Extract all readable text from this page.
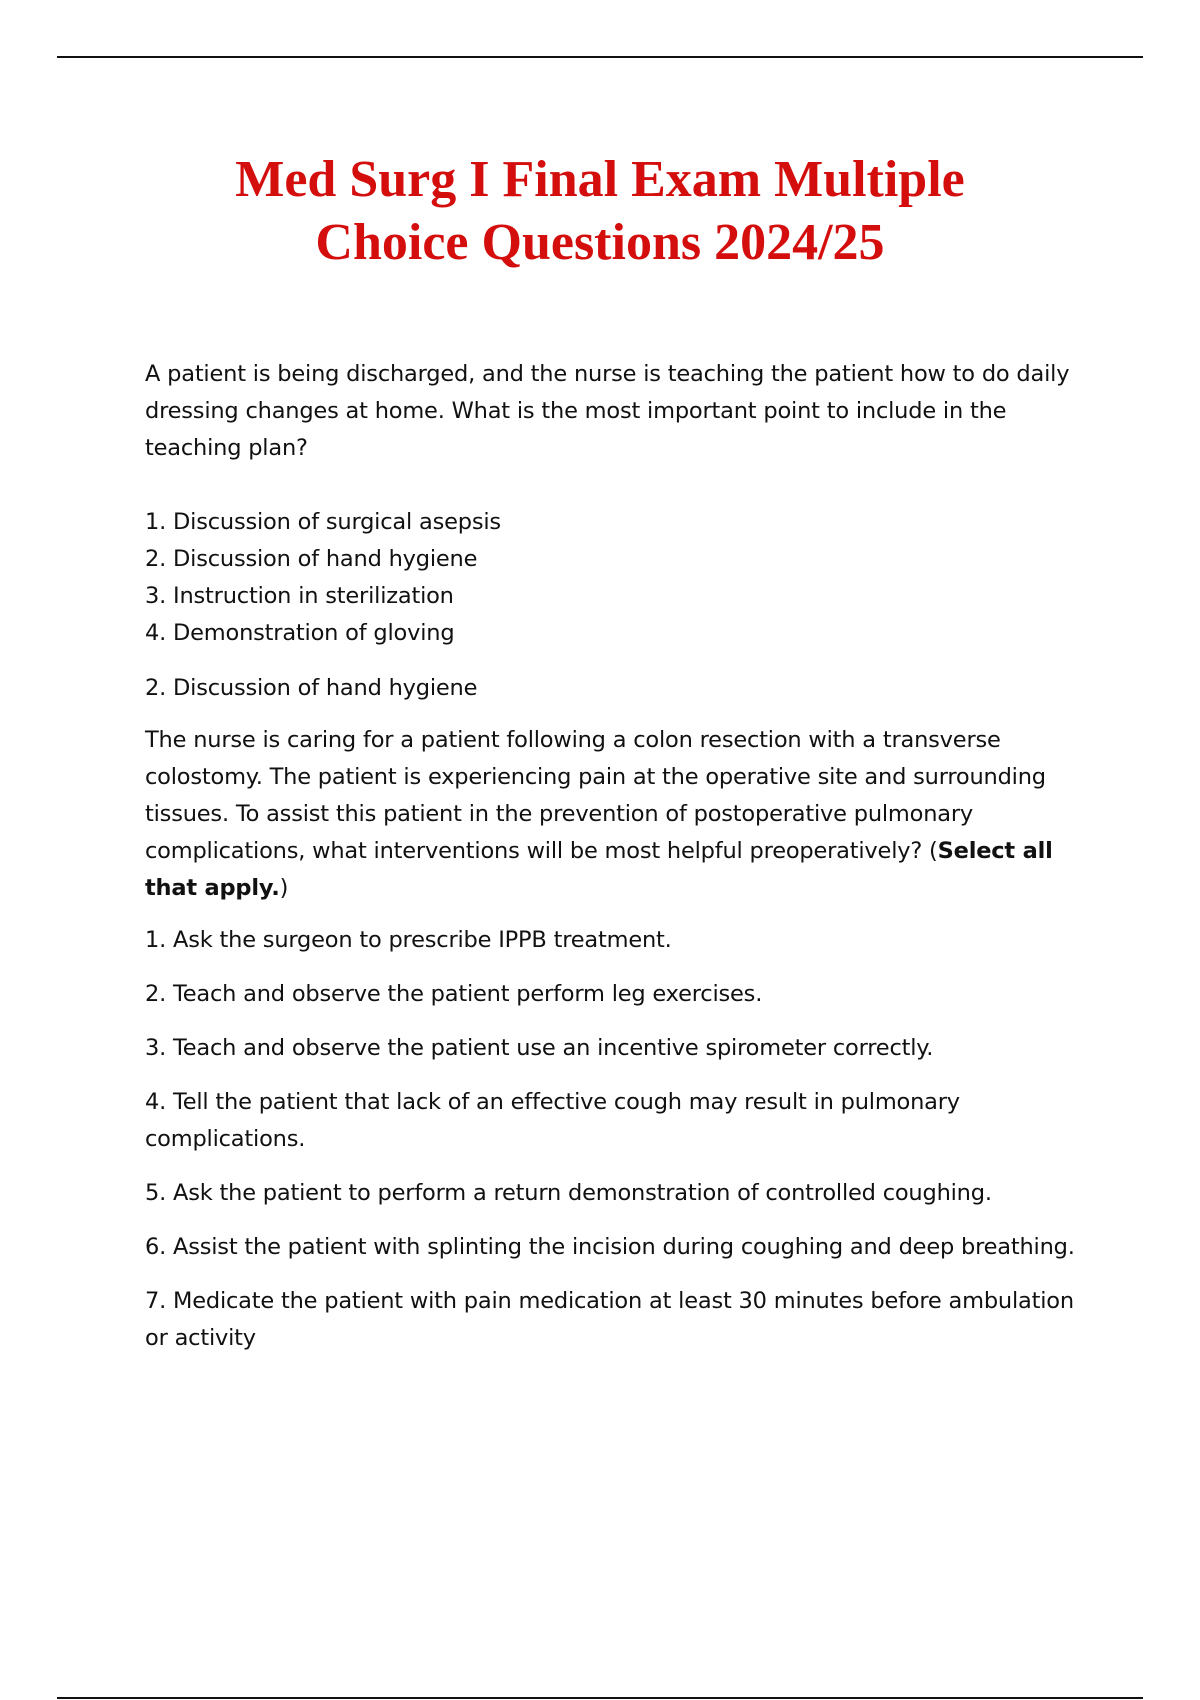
Med Surg I Final Exam Multiple
Choice Questions 2024/25

A patient is being discharged, and the nurse is teaching the patient how to do daily dressing changes at home. What is the most important point to include in the teaching plan?

1. Discussion of surgical asepsis
2. Discussion of hand hygiene
3. Instruction in sterilization
4. Demonstration of gloving

2. Discussion of hand hygiene

The nurse is caring for a patient following a colon resection with a transverse colostomy. The patient is experiencing pain at the operative site and surrounding tissues. To assist this patient in the prevention of postoperative pulmonary complications, what interventions will be most helpful preoperatively? (Select all that apply.)

1. Ask the surgeon to prescribe IPPB treatment.
2. Teach and observe the patient perform leg exercises.
3. Teach and observe the patient use an incentive spirometer correctly.
4. Tell the patient that lack of an effective cough may result in pulmonary complications.
5. Ask the patient to perform a return demonstration of controlled coughing.
6. Assist the patient with splinting the incision during coughing and deep breathing.
7. Medicate the patient with pain medication at least 30 minutes before ambulation or activity
